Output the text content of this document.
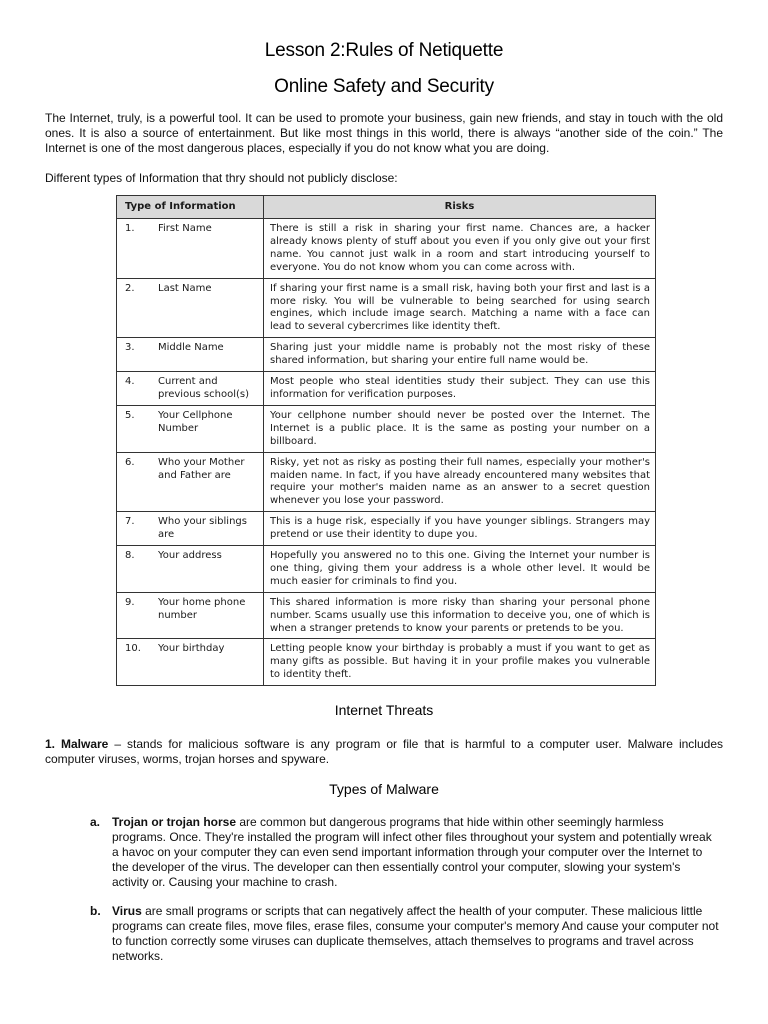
Lesson 2:Rules of Netiquette
Online Safety and Security

The Internet, truly, is a powerful tool. It can be used to promote your business, gain new friends, and stay in touch with the old ones. It is also a source of entertainment. But like most things in this world, there is always “another side of the coin.” The Internet is one of the most dangerous places, especially if you do not know what you are doing.

Different types of Information that thry should not publicly disclose:

Type of Information		Risks
1.	First Name	There is still a risk in sharing your first name. Chances are, a hacker already knows plenty of stuff about you even if you only give out your first name. You cannot just walk in a room and start introducing yourself to everyone. You do not know whom you can come across with.
2.	Last Name	If sharing your first name is a small risk, having both your first and last is a more risky. You will be vulnerable to being searched for using search engines, which include image search. Matching a name with a face can lead to several cybercrimes like identity theft.
3.	Middle Name	Sharing just your middle name is probably not the most risky of these shared information, but sharing your entire full name would be.
4.	Current and previous school(s)	Most people who steal identities study their subject. They can use this information for verification purposes.
5.	Your Cellphone Number	Your cellphone number should never be posted over the Internet. The Internet is a public place. It is the same as posting your number on a billboard.
6.	Who your Mother and Father are	Risky, yet not as risky as posting their full names, especially your mother's maiden name. In fact, if you have already encountered many websites that require your mother's maiden name as an answer to a secret question whenever you lose your password.
7.	Who your siblings are	This is a huge risk, especially if you have younger siblings. Strangers may pretend or use their identity to dupe you.
8.	Your address	Hopefully you answered no to this one. Giving the Internet your number is one thing, giving them your address is a whole other level. It would be much easier for criminals to find you.
9.	Your home phone number	This shared information is more risky than sharing your personal phone number. Scams usually use this information to deceive you, one of which is when a stranger pretends to know your parents or pretends to be you.
10.	Your birthday	Letting people know your birthday is probably a must if you want to get as many gifts as possible. But having it in your profile makes you vulnerable to identity theft.
Internet Threats

1. Malware – stands for malicious software is any program or file that is harmful to a computer user. Malware includes computer viruses, worms, trojan horses and spyware.

Types of Malware
a. Trojan or trojan horse are common but dangerous programs that hide within other seemingly harmless programs. Once. They're installed the program will infect other files throughout your system and potentially wreak a havoc on your computer they can even send important information through your computer over the Internet to the developer of the virus. The developer can then essentially control your computer, slowing your system's activity or. Causing your machine to crash.
b. Virus are small programs or scripts that can negatively affect the health of your computer. These malicious little programs can create files, move files, erase files, consume your computer's memory And cause your computer not to function correctly some viruses can duplicate themselves, attach themselves to programs and travel across networks.
